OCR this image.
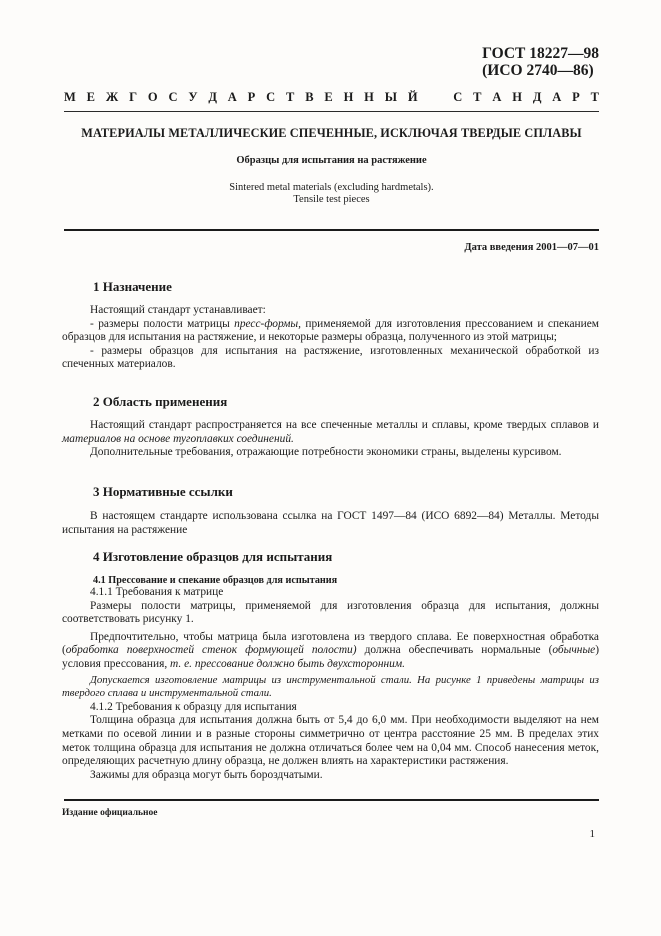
ГОСТ 18227—98
(ИСО 2740—86)
М Е Ж Г О С У Д А Р С Т В Е Н Н Ы Й	С Т А Н Д А Р Т
МАТЕРИАЛЫ МЕТАЛЛИЧЕСКИЕ СПЕЧЕННЫЕ, ИСКЛЮЧАЯ ТВЕРДЫЕ СПЛАВЫ
Образцы для испытания на растяжение
Sintered metal materials (excluding hardmetals).
Tensile test pieces
Дата введения 2001—07—01
1 Назначение
Настоящий стандарт устанавливает:
- размеры полости матрицы пресс-формы, применяемой для изготовления прессованием и спеканием образцов для испытания на растяжение, и некоторые размеры образца, полученного из этой матрицы;
- размеры образцов для испытания на растяжение, изготовленных механической обработкой из спеченных материалов.
2 Область применения
Настоящий стандарт распространяется на все спеченные металлы и сплавы, кроме твердых сплавов и материалов на основе тугоплавких соединений.
Дополнительные требования, отражающие потребности экономики страны, выделены курсивом.
3 Нормативные ссылки
В настоящем стандарте использована ссылка на ГОСТ 1497—84 (ИСО 6892—84) Металлы. Методы испытания на растяжение
4 Изготовление образцов для испытания
4.1 Прессование и спекание образцов для испытания
4.1.1 Требования к матрице
Размеры полости матрицы, применяемой для изготовления образца для испытания, должны соответствовать рисунку 1.
Предпочтительно, чтобы матрица была изготовлена из твердого сплава. Ее поверхностная обработка (обработка поверхностей стенок формующей полости) должна обеспечивать нормальные (обычные) условия прессования, т. е. прессование должно быть двухсторонним.
Допускается изготовление матрицы из инструментальной стали. На рисунке 1 приведены матрицы из твердого сплава и инструментальной стали.
4.1.2 Требования к образцу для испытания
Толщина образца для испытания должна быть от 5,4 до 6,0 мм. При необходимости выделяют на нем метками по осевой линии и в разные стороны симметрично от центра расстояние 25 мм. В пределах этих меток толщина образца для испытания не должна отличаться более чем на 0,04 мм. Способ нанесения меток, определяющих расчетную длину образца, не должен влиять на характеристики растяжения.
Зажимы для образца могут быть бороздчатыми.
Издание официальное
1
